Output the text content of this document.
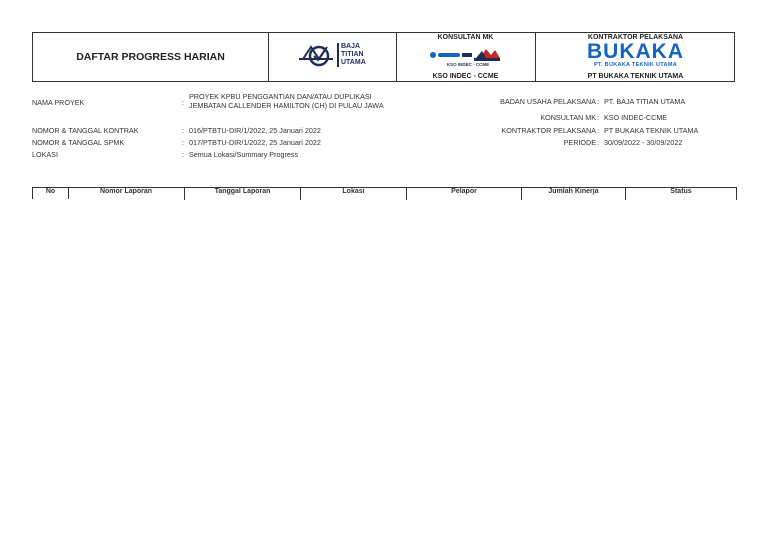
DAFTAR PROGRESS HARIAN
BAJA
TITIAN
UTAMA
KONSULTAN MK
KSO INDEC - CCME
KSO INDEC - CCME
KONTRAKTOR PELAKSANA
BUKAKA
PT. BUKAKA TEKNIK UTAMA
PT BUKAKA TEKNIK UTAMA
NAMA PROYEK	:
PROYEK KPBU PENGGANTIAN DAN/ATAU DUPLIKASI
JEMBATAN CALLENDER HAMILTON (CH) DI PULAU JAWA
NOMOR & TANGGAL KONTRAK	: 016/PTBTU-DIR/1/2022, 25 Januari 2022
NOMOR & TANGGAL SPMK	: 017/PTBTU-DIR/1/2022, 25 Januari 2022
LOKASI	: Semua Lokasi/Summary Progress
BADAN USAHA PELAKSANA : PT. BAJA TITIAN UTAMA
KONSULTAN MK : KSO INDEC-CCME
KONTRAKTOR PELAKSANA : PT BUKAKA TEKNIK UTAMA
PERIODE : 30/09/2022 - 30/09/2022
No	Nomor Laporan	Tanggal Laporan	Lokasi	Pelapor	Jumlah Kinerja	Status
